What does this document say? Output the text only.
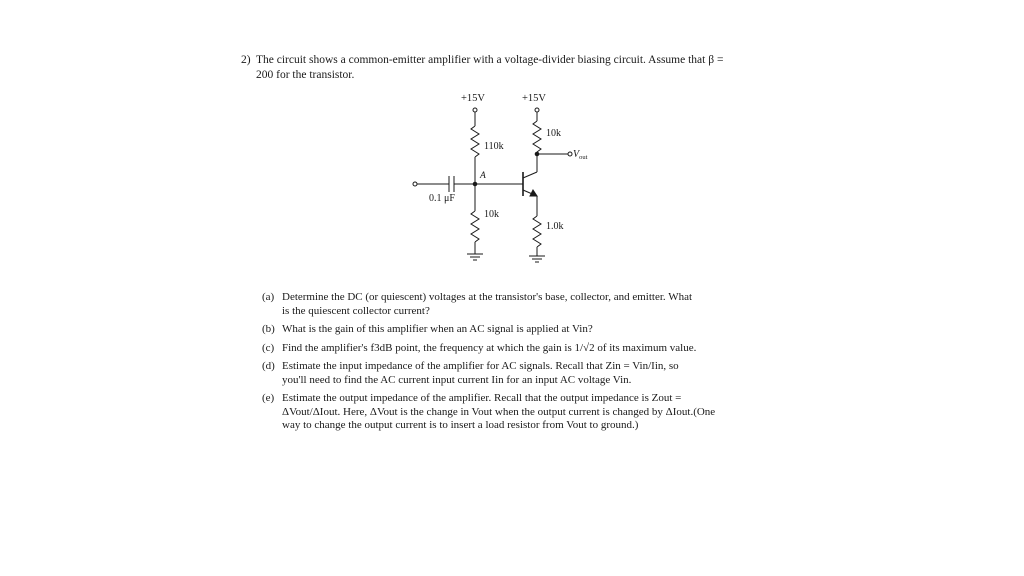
2) The circuit shows a common-emitter amplifier with a voltage-divider biasing circuit. Assume that β =
200 for the transistor.
+15V	+15V
10k
110k
A
0.1 μF
10k
1.0k
$V_{out}$
(a) Determine the DC (or quiescent) voltages at the transistor's base, collector, and emitter. What
is the quiescent collector current?
(b) What is the gain of this amplifier when an AC signal is applied at Vin?
(c) Find the amplifier's f3dB point, the frequency at which the gain is 1/√2 of its maximum value.
(d) Estimate the input impedance of the amplifier for AC signals. Recall that Zin = Vin/Iin, so
you'll need to find the AC current input current Iin for an input AC voltage Vin.
(e) Estimate the output impedance of the amplifier. Recall that the output impedance is Zout =
ΔVout/ΔIout. Here, ΔVout is the change in Vout when the output current is changed by ΔIout.(One
way to change the output current is to insert a load resistor from Vout to ground.)
